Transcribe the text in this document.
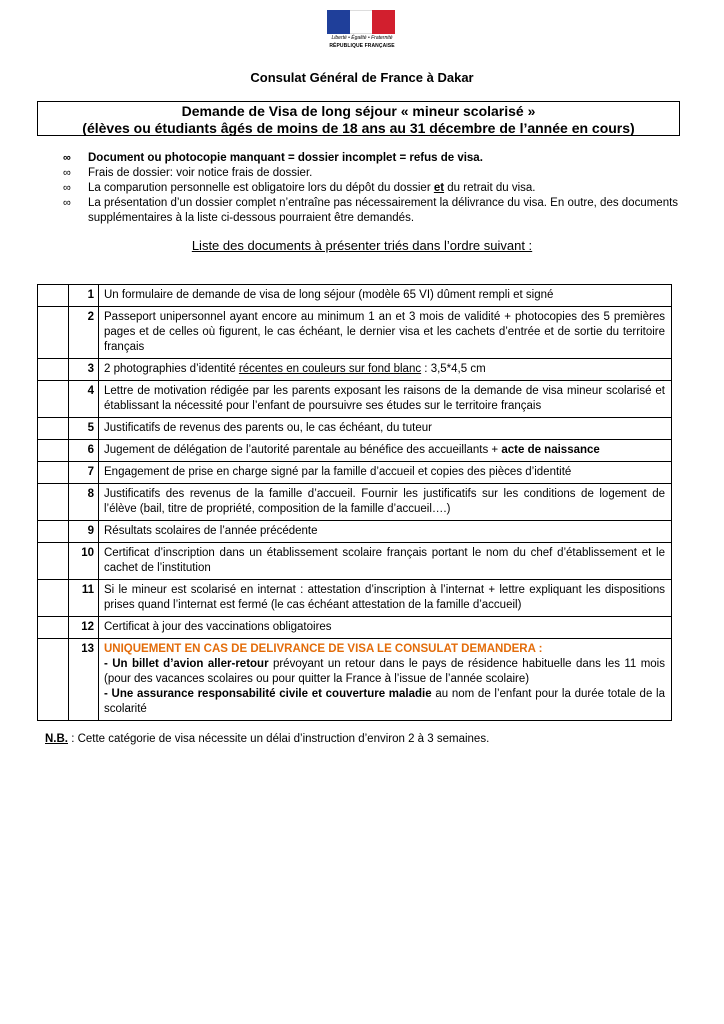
Liberté • Égalité • Fraternité
RÉPUBLIQUE FRANÇAISE
Consulat Général de France à Dakar
Demande de Visa de long séjour « mineur scolarisé »
(élèves ou étudiants âgés de moins de 18 ans au 31 décembre de l’année en cours)
∞ Document ou photocopie manquant = dossier incomplet = refus de visa.
∞ Frais de dossier: voir notice frais de dossier.
∞ La comparution personnelle est obligatoire lors du dépôt du dossier et du retrait du visa.
∞ La présentation d’un dossier complet n’entraîne pas nécessairement la délivrance du visa. En outre, des documents supplémentaires à la liste ci-dessous pourraient être demandés.
Liste des documents à présenter triés dans l’ordre suivant :
	1	Un formulaire de demande de visa de long séjour (modèle 65 VI) dûment rempli et signé
	2	Passeport unipersonnel ayant encore au minimum 1 an et 3 mois de validité + photocopies des 5 premières pages et de celles où figurent, le cas échéant, le dernier visa et les cachets d’entrée et de sortie du territoire français
	3	2 photographies d’identité récentes en couleurs sur fond blanc : 3,5*4,5 cm
	4	Lettre de motivation rédigée par les parents exposant les raisons de la demande de visa mineur scolarisé et établissant la nécessité pour l’enfant de poursuivre ses études sur le territoire français
	5	Justificatifs de revenus des parents ou, le cas échéant, du tuteur
	6	Jugement de délégation de l’autorité parentale au bénéfice des accueillants + acte de naissance
	7	Engagement de prise en charge signé par la famille d’accueil et copies des pièces d’identité
	8	Justificatifs des revenus de la famille d’accueil. Fournir les justificatifs sur les conditions de logement de l’élève (bail, titre de propriété, composition de la famille d’accueil….)
	9	Résultats scolaires de l’année précédente
	10	Certificat d’inscription dans un établissement scolaire français portant le nom du chef d’établissement et le cachet de l’institution
	11	Si le mineur est scolarisé en internat : attestation d’inscription à l’internat + lettre expliquant les dispositions prises quand l’internat est fermé (le cas échéant attestation de la famille d’accueil)
	12	Certificat à jour des vaccinations obligatoires
	13	UNIQUEMENT EN CAS DE DELIVRANCE DE VISA LE CONSULAT DEMANDERA :
- Un billet d’avion aller-retour prévoyant un retour dans le pays de résidence habituelle dans les 11 mois (pour des vacances scolaires ou pour quitter la France à l’issue de l’année scolaire)
- Une assurance responsabilité civile et couverture maladie au nom de l’enfant pour la durée totale de la scolarité
N.B. : Cette catégorie de visa nécessite un délai d’instruction d’environ 2 à 3 semaines.
